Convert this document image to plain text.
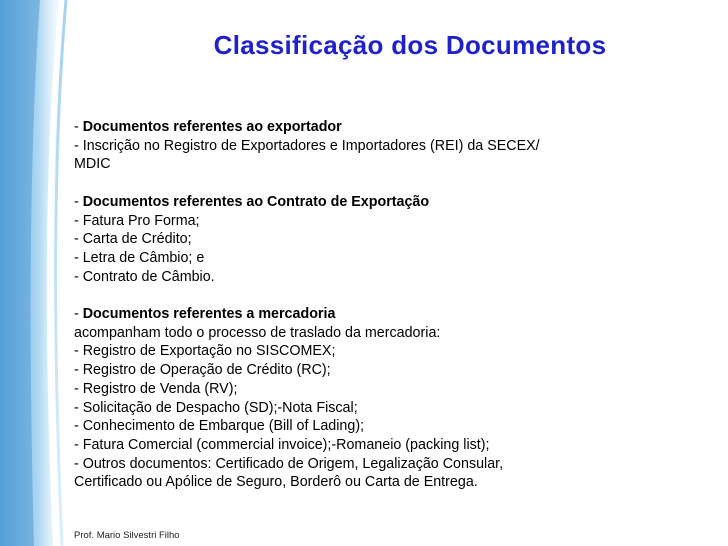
Classificação dos Documentos

- Documentos referentes ao exportador

- Inscrição no Registro de Exportadores e Importadores (REI) da SECEX/

MDIC

- Documentos referentes ao Contrato de Exportação

- Fatura Pro Forma;

- Carta de Crédito;

- Letra de Câmbio; e

- Contrato de Câmbio.

- Documentos referentes a mercadoria

acompanham todo o processo de traslado da mercadoria:

- Registro de Exportação no SISCOMEX;

- Registro de Operação de Crédito (RC);

- Registro de Venda (RV);

- Solicitação de Despacho (SD);-Nota Fiscal;

- Conhecimento de Embarque (Bill of Lading);

- Fatura Comercial (commercial invoice);-Romaneio (packing list);

- Outros documentos: Certificado de Origem, Legalização Consular,

Certificado ou Apólice de Seguro, Borderô ou Carta de Entrega.

Prof. Mario Silvestri Filho
